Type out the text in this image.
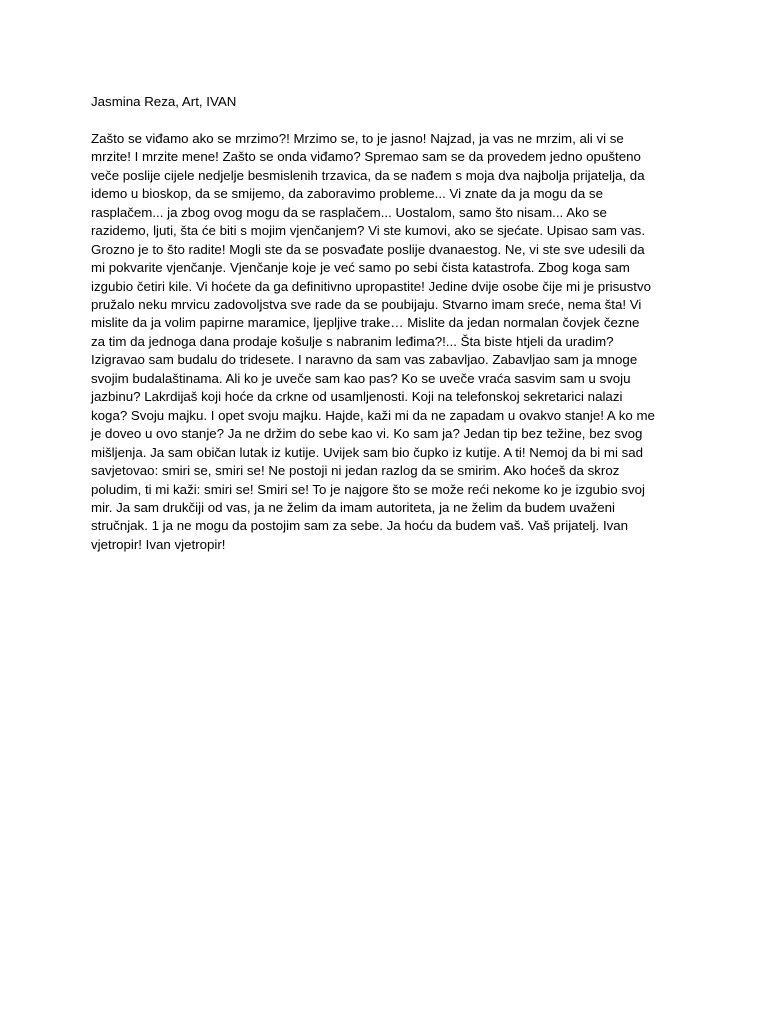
Jasmina Reza, Art, IVAN
Zašto se viđamo ako se mrzimo?! Mrzimo se, to je jasno! Najzad, ja vas ne mrzim, ali vi se
mrzite! I mrzite mene! Zašto se onda viđamo? Spremao sam se da provedem jedno opušteno
veče poslije cijele nedjelje besmislenih trzavica, da se nađem s moja dva najbolja prijatelja, da
idemo u bioskop, da se smijemo, da zaboravimo probleme... Vi znate da ja mogu da se
rasplačem... ja zbog ovog mogu da se rasplačem... Uostalom, samo što nisam... Ako se
razidemo, ljuti, šta će biti s mojim vjenčanjem? Vi ste kumovi, ako se sjećate. Upisao sam vas.
Grozno je to što radite! Mogli ste da se posvađate poslije dvanaestog. Ne, vi ste sve udesili da
mi pokvarite vjenčanje. Vjenčanje koje je već samo po sebi čista katastrofa. Zbog koga sam
izgubio četiri kile. Vi hoćete da ga definitivno upropastite! Jedine dvije osobe čije mi je prisustvo
pružalo neku mrvicu zadovoljstva sve rade da se poubijaju. Stvarno imam sreće, nema šta! Vi
mislite da ja volim papirne maramice, ljepljive trake… Mislite da jedan normalan čovjek čezne
za tim da jednoga dana prodaje košulje s nabranim leđima?!... Šta biste htjeli da uradim?
Izigravao sam budalu do tridesete. I naravno da sam vas zabavljao. Zabavljao sam ja mnoge
svojim budalaštinama. Ali ko je uveče sam kao pas? Ko se uveče vraća sasvim sam u svoju
jazbinu? Lakrdijaš koji hoće da crkne od usamljenosti. Koji na telefonskoj sekretarici nalazi
koga? Svoju majku. I opet svoju majku. Hajde, kaži mi da ne zapadam u ovakvo stanje! A ko me
je doveo u ovo stanje? Ja ne držim do sebe kao vi. Ko sam ja? Jedan tip bez težine, bez svog
mišljenja. Ja sam običan lutak iz kutije. Uvijek sam bio čupko iz kutije. A ti! Nemoj da bi mi sad
savjetovao: smiri se, smiri se! Ne postoji ni jedan razlog da se smirim. Ako hoćeš da skroz
poludim, ti mi kaži: smiri se! Smiri se! To je najgore što se može reći nekome ko je izgubio svoj
mir. Ja sam drukčiji od vas, ja ne želim da imam autoriteta, ja ne želim da budem uvaženi
stručnjak. 1 ja ne mogu da postojim sam za sebe. Ja hoću da budem vaš. Vaš prijatelj. Ivan
vjetropir! Ivan vjetropir!
